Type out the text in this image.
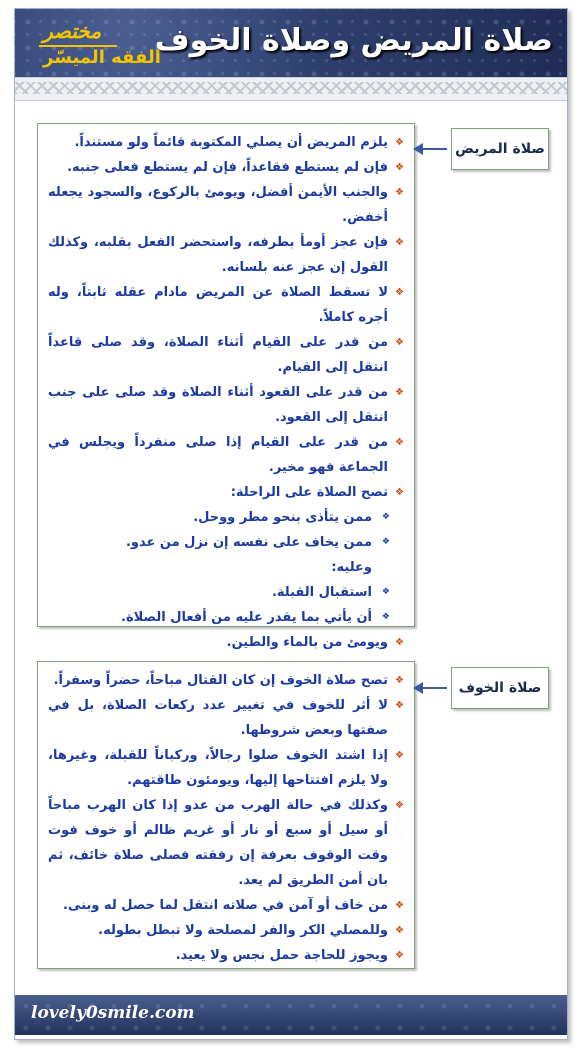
مختصر
الفقه الميسّر
صلاة المريض وصلاة الخوف
❖ يلزم المريض أن يصلي المكتوبة قائماً ولو مستنداً.
❖ فإن لم يستطع فقاعداً، فإن لم يستطع فعلى جنبه.
❖ والجنب الأيمن أفضل، ويومئ بالركوع، والسجود يجعله أخفض.
❖ فإن عجز أومأ بطرفه، واستحضر الفعل بقلبه، وكذلك القول إن عجز عنه بلسانه.
❖ لا تسقط الصلاة عن المريض مادام عقله ثابتاً، وله أجره كاملاً.
❖ من قدر على القيام أثناء الصلاة، وقد صلى قاعداً انتقل إلى القيام.
❖ من قدر على القعود أثناء الصلاة وقد صلى على جنب انتقل إلى القعود.
❖ من قدر على القيام إذا صلى منفرداً ويجلس في الجماعة فهو مخير.
❖ تصح الصلاة على الراحلة:
❖ ممن يتأذى بنحو مطر ووحل.
❖ ممن يخاف على نفسه إن نزل من عدو.
وعليه:
❖ استقبال القبلة.
❖ أن يأتي بما يقدر عليه من أفعال الصلاة.
❖ ويومئ من بالماء والطين.
صلاة المريض
❖ تصح صلاة الخوف إن كان القتال مباحاً، حضراً وسفراً.
❖ لا أثر للخوف في تغيير عدد ركعات الصلاة، بل في صفتها وبعض شروطها.
❖ إذا اشتد الخوف صلوا رجالاً، وركباناً للقبلة، وغيرها، ولا يلزم افتتاحها إليها، ويومئون طاقتهم.
❖ وكذلك في حالة الهرب من عدو إذا كان الهرب مباحاً أو سيل أو سبع أو نار أو غريم ظالم أو خوف فوت وقت الوقوف بعرفة إن رفقته فصلى صلاة خائف، ثم بان أمن الطريق لم يعد.
❖ من خاف أو آمن في صلاته انتقل لما حصل له وبنى.
❖ وللمصلي الكر والفر لمصلحة ولا تبطل بطوله.
❖ ويجوز للحاجة حمل نجس ولا يعيد.
صلاة الخوف
lovely0smile.com
